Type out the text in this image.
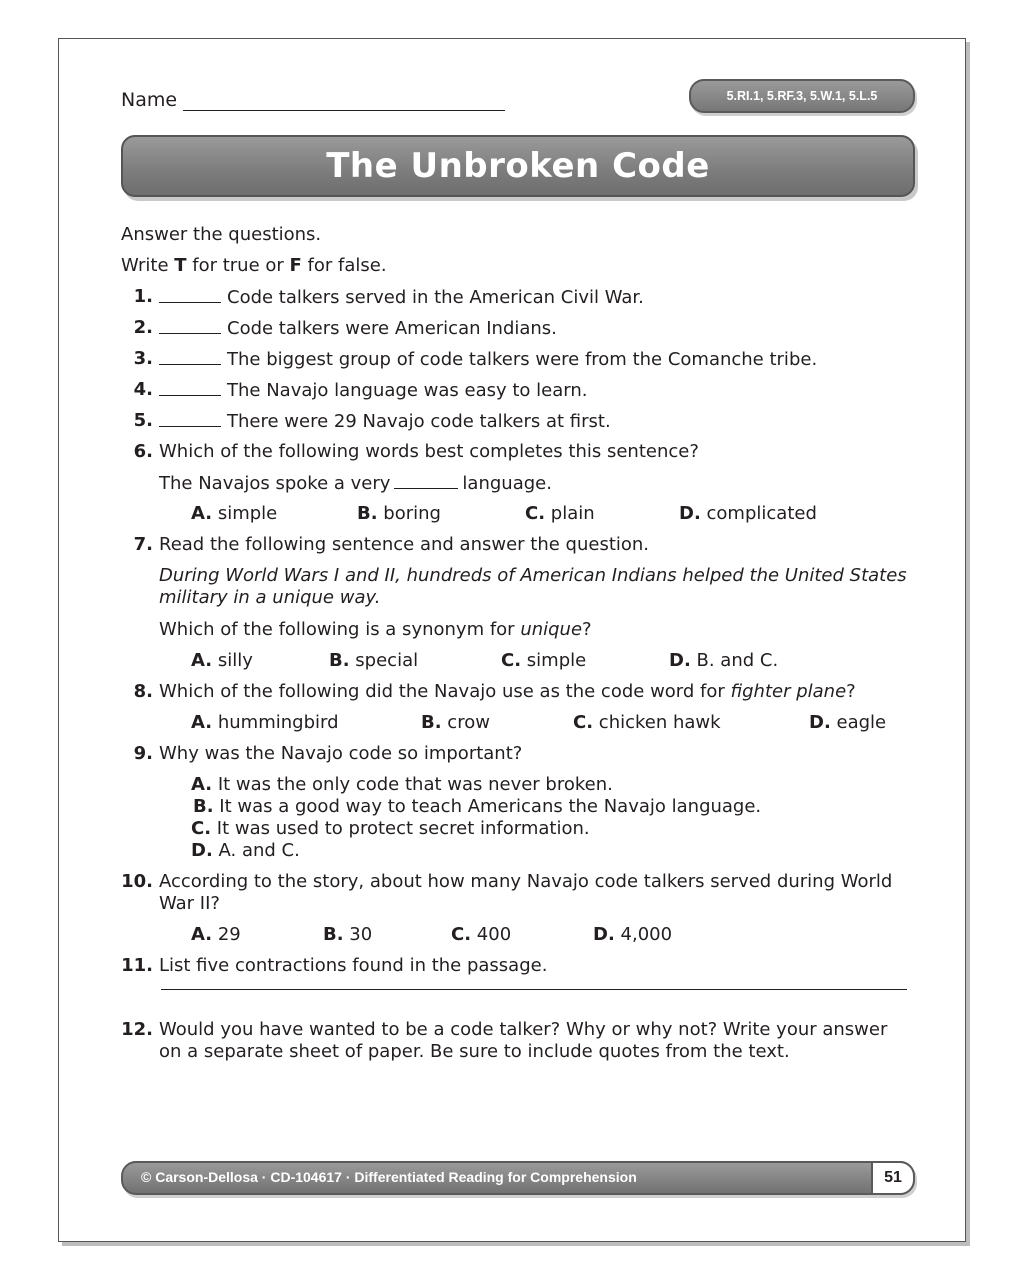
Name	5.RI.1, 5.RF.3, 5.W.1, 5.L.5
The Unbroken Code
Answer the questions.
Write T for true or F for false.
1.	Code talkers served in the American Civil War.
2.	Code talkers were American Indians.
3.	The biggest group of code talkers were from the Comanche tribe.
4.	The Navajo language was easy to learn.
5.	There were 29 Navajo code talkers at first.
6. Which of the following words best completes this sentence?
The Navajos spoke a very	language.
A. simple	B. boring	C. plain	D. complicated
7. Read the following sentence and answer the question.
During World Wars I and II, hundreds of American Indians helped the United States
military in a unique way.
Which of the following is a synonym for unique?
A. silly	B. special	C. simple	D. B. and C.
8. Which of the following did the Navajo use as the code word for fighter plane?
A. hummingbird	B. crow	C. chicken hawk	D. eagle
9. Why was the Navajo code so important?
A. It was the only code that was never broken.
B. It was a good way to teach Americans the Navajo language.
C. It was used to protect secret information.
D. A. and C.
10. According to the story, about how many Navajo code talkers served during World
War II?
A. 29	B. 30	C. 400	D. 4,000
11. List five contractions found in the passage.
12. Would you have wanted to be a code talker? Why or why not? Write your answer
on a separate sheet of paper. Be sure to include quotes from the text.
© Carson-Dellosa · CD-104617 · Differentiated Reading for Comprehension	51
